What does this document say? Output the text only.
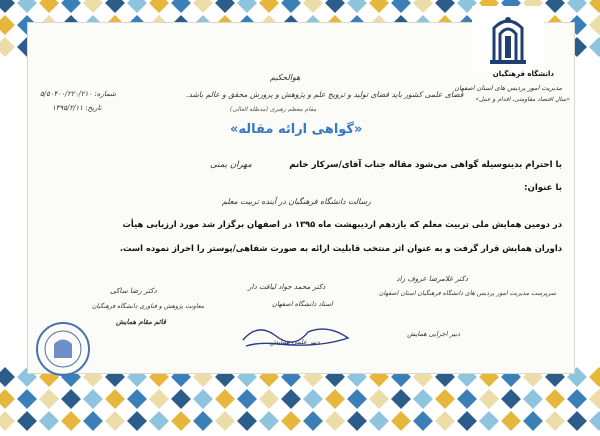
دانشگاه فرهنگیان
مدیریت امور پردیس های استان اصفهان
«سال اقتصاد مقاومتی، اقدام و عمل»
هوالحکیم
فضای علمی کشور باید فضای تولید و ترویج علم و پژوهش و پرورش محقق و عالم باشد.
مقام معظم رهبری (مدظله العالی)
شماره: ۵/۵۰۴۰۰/۲۲۰/۲۱۰
تاریخ: ۱۳۹۵/۲/۱۱
«گواهی ارائه مقاله»
با احترام بدینوسیله گواهی می‌شود مقاله جناب آقای/سرکار خانم
مهران یمنی
با عنوان:
رسالت دانشگاه فرهنگیان در آینده تربیت معلم
در دومین همایش ملی تربیت معلم که یازدهم اردیبهشت ماه ۱۳۹۵ در اصفهان برگزار شد مورد ارزیابی هیأت
داوران همایش قرار گرفت و به عنوان اثر منتخب قابلیت ارائه به صورت شفاهی/پوستر را احراز نموده است.
دکتر غلامرضا عروف زاد
سرپرست مدیریت امور پردیس های دانشگاه فرهنگیان استان اصفهان
دبیر اجرایی همایش
دکتر محمد جواد لیاقت دار
استاد دانشگاه اصفهان
دبیر علمی همایش
دکتر رضا ساکی
معاونت پژوهش و فناوری دانشگاه فرهنگیان
قائم مقام همایش
